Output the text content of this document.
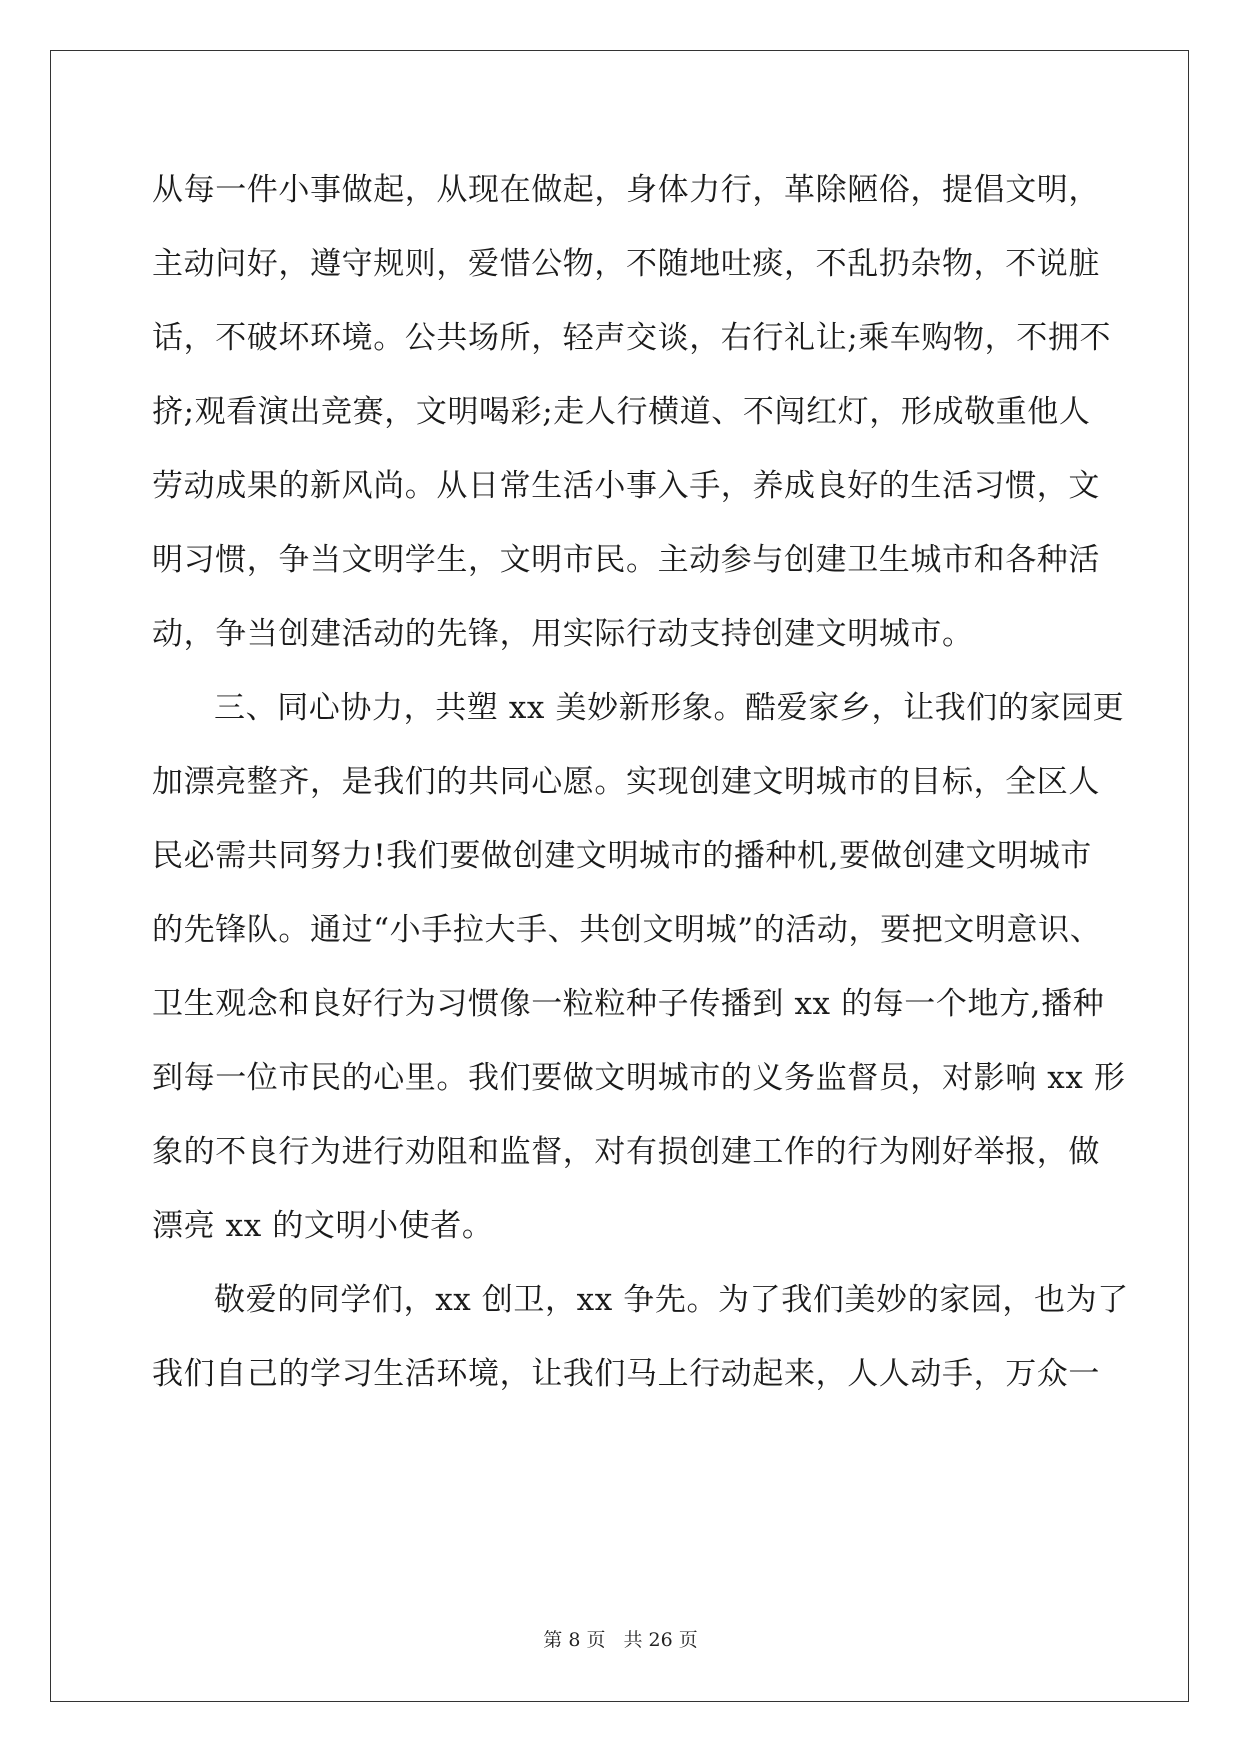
从每一件小事做起，从现在做起，身体力行，革除陋俗，提倡文明，
主动问好，遵守规则，爱惜公物，不随地吐痰，不乱扔杂物，不说脏
话，不破坏环境。公共场所，轻声交谈，右行礼让;乘车购物，不拥不
挤;观看演出竞赛，文明喝彩;走人行横道、不闯红灯，形成敬重他人
劳动成果的新风尚。从日常生活小事入手，养成良好的生活习惯，文
明习惯，争当文明学生，文明市民。主动参与创建卫生城市和各种活
动，争当创建活动的先锋，用实际行动支持创建文明城市。
三、同心协力，共塑 xx 美妙新形象。酷爱家乡，让我们的家园更
加漂亮整齐，是我们的共同心愿。实现创建文明城市的目标，全区人
民必需共同努力!我们要做创建文明城市的播种机,要做创建文明城市
的先锋队。通过“小手拉大手、共创文明城”的活动，要把文明意识、
卫生观念和良好行为习惯像一粒粒种子传播到 xx 的每一个地方,播种
到每一位市民的心里。我们要做文明城市的义务监督员，对影响 xx 形
象的不良行为进行劝阻和监督，对有损创建工作的行为刚好举报，做
漂亮 xx 的文明小使者。
敬爱的同学们，xx 创卫，xx 争先。为了我们美妙的家园，也为了
我们自己的学习生活环境，让我们马上行动起来，人人动手，万众一
第 8 页 共 26 页
